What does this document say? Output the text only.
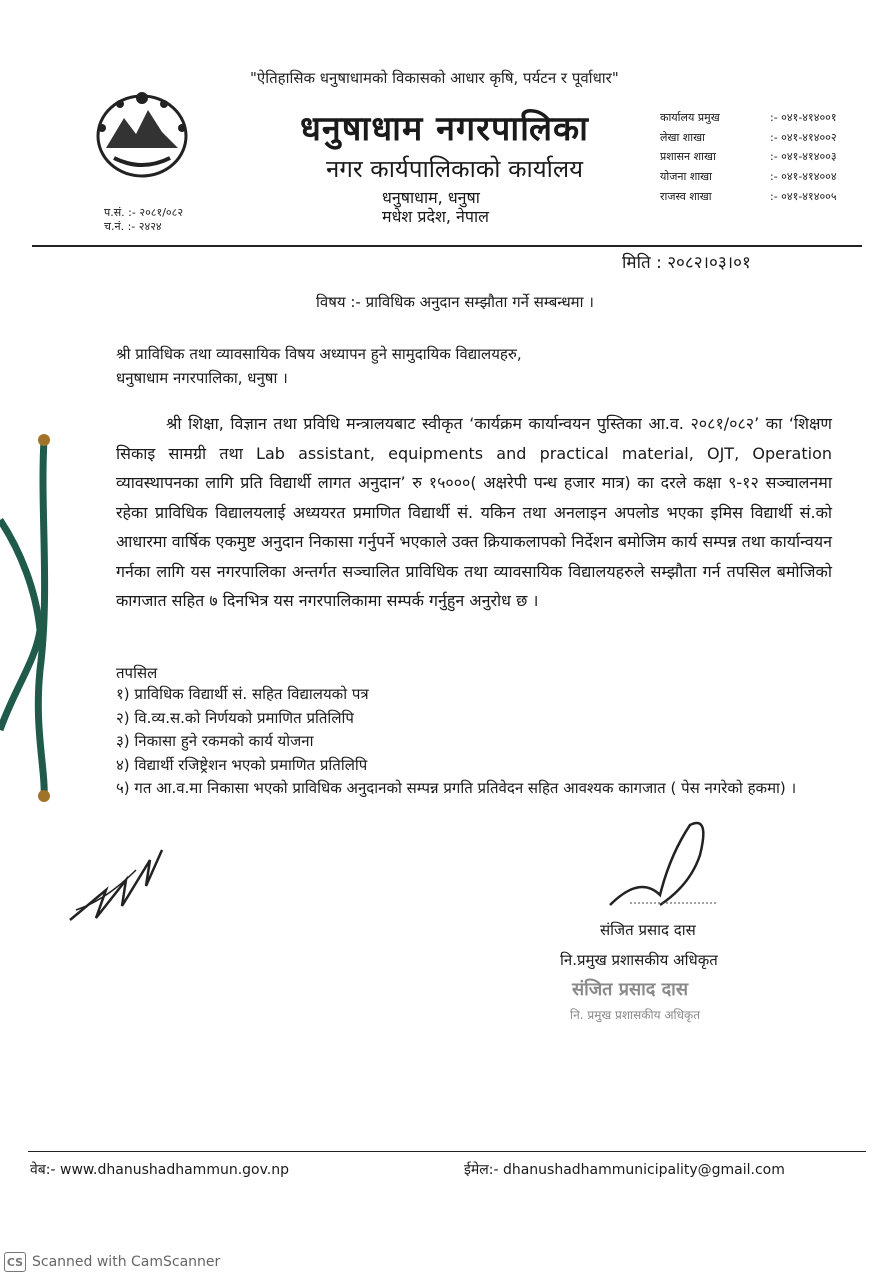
"ऐतिहासिक धनुषाधामको विकासको आधार कृषि, पर्यटन र पूर्वाधार"
धनुषाधाम नगरपालिका
नगर कार्यपालिकाको कार्यालय
धनुषाधाम, धनुषा
मधेश प्रदेश, नेपाल
कार्यालय प्रमुख	:- ०४१-४१४००१
लेखा शाखा	:- ०४१-४१४००२
प्रशासन शाखा	:- ०४१-४१४००३
योजना शाखा	:- ०४१-४१४००४
राजस्व शाखा	:- ०४१-४१४००५
प.सं. :- २०८१/०८२
च.नं. :- २४२४
मिति : २०८२।०३।०१
विषय :- प्राविधिक अनुदान सम्झौता गर्ने सम्बन्धमा ।
श्री प्राविधिक तथा व्यावसायिक विषय अध्यापन हुने सामुदायिक विद्यालयहरु,
धनुषाधाम नगरपालिका, धनुषा ।
श्री शिक्षा, विज्ञान तथा प्रविधि मन्त्रालयबाट स्वीकृत ‘कार्यक्रम कार्यान्वयन पुस्तिका आ.व. २०८१/०८२’ का ‘शिक्षण सिकाइ सामग्री तथा Lab assistant, equipments and practical material, OJT, Operation व्यावस्थापनका लागि प्रति विद्यार्थी लागत अनुदान’ रु १५०००( अक्षरेपी पन्ध हजार मात्र) का दरले कक्षा ९-१२ सञ्चालनमा रहेका प्राविधिक विद्यालयलाई अध्ययरत प्रमाणित विद्यार्थी सं. यकिन तथा अनलाइन अपलोड भएका इमिस विद्यार्थी सं.को आधारमा वार्षिक एकमुष्ट अनुदान निकासा गर्नुपर्ने भएकाले उक्त क्रियाकलापको निर्देशन बमोजिम कार्य सम्पन्न तथा कार्यान्वयन गर्नका लागि यस नगरपालिका अन्तर्गत सञ्चालित प्राविधिक तथा व्यावसायिक विद्यालयहरुले सम्झौता गर्न तपसिल बमोजिको कागजात सहित ७ दिनभित्र यस नगरपालिकामा सम्पर्क गर्नुहुन अनुरोध छ ।
तपसिल
१) प्राविधिक विद्यार्थी सं. सहित विद्यालयको पत्र
२) वि.व्य.स.को निर्णयको प्रमाणित प्रतिलिपि
३) निकासा हुने रकमको कार्य योजना
४) विद्यार्थी रजिष्ट्रेशन भएको प्रमाणित प्रतिलिपि
५) गत आ.व.मा निकासा भएको प्राविधिक अनुदानको सम्पन्न प्रगति प्रतिवेदन सहित आवश्यक कागजात ( पेस नगरेको हकमा) ।
संजित प्रसाद दास
नि.प्रमुख प्रशासकीय अधिकृत
संजित प्रसाद दास
नि. प्रमुख प्रशासकीय अधिकृत
वेब:- www.dhanushadhammun.gov.np	ईमेल:- dhanushadhammunicipality@gmail.com
CS Scanned with CamScanner
